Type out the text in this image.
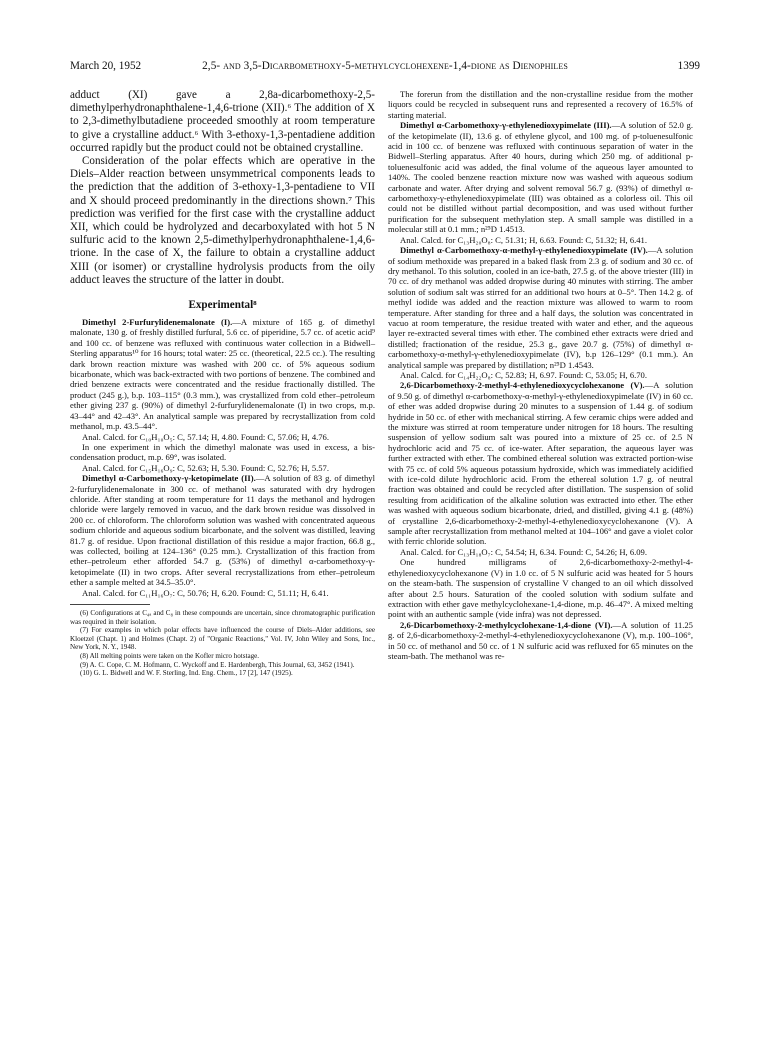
March 20, 1952	2,5- and 3,5-Dicarbomethoxy-5-methylcyclohexene-1,4-dione as Dienophiles	1399

adduct (XI) gave a 2,8a-dicarbomethoxy-2,5-dimethylperhydronaphthalene-1,4,6-trione (XII).⁶ The addition of X to 2,3-dimethylbutadiene proceeded smoothly at room temperature to give a crystalline adduct.⁶ With 3-ethoxy-1,3-pentadiene addition occurred rapidly but the product could not be obtained crystalline.

Consideration of the polar effects which are operative in the Diels–Alder reaction between unsymmetrical components leads to the prediction that the addition of 3-ethoxy-1,3-pentadiene to VII and X should proceed predominantly in the directions shown.⁷ This prediction was verified for the first case with the crystalline adduct XII, which could be hydrolyzed and decarboxylated with hot 5 N sulfuric acid to the known 2,5-dimethylperhydronaphthalene-1,4,6-trione. In the case of X, the failure to obtain a crystalline adduct XIII (or isomer) or crystalline hydrolysis products from the oily adduct leaves the structure of the latter in doubt.

Experimental⁸

Dimethyl 2-Furfurylidenemalonate (I).—A mixture of 165 g. of dimethyl malonate, 130 g. of freshly distilled furfural, 5.6 cc. of piperidine, 5.7 cc. of acetic acid⁹ and 100 cc. of benzene was refluxed with continuous water collection in a Bidwell–Sterling apparatus¹⁰ for 16 hours; total water: 25 cc. (theoretical, 22.5 cc.). The resulting dark brown reaction mixture was washed with 200 cc. of 5% aqueous sodium bicarbonate, which was back-extracted with two portions of benzene. The combined and dried benzene extracts were concentrated and the residue fractionally distilled. The product (245 g.), b.p. 103–115° (0.3 mm.), was crystallized from cold ether–petroleum ether giving 237 g. (90%) of dimethyl 2-furfurylidenemalonate (I) in two crops, m.p. 43–44° and 42–43°. An analytical sample was prepared by recrystallization from cold methanol, m.p. 43.5–44°.

Anal. Calcd. for C₁₀H₁₀O₅: C, 57.14; H, 4.80. Found: C, 57.06; H, 4.76.

In one experiment in which the dimethyl malonate was used in excess, a bis-condensation product, m.p. 69°, was isolated.

Anal. Calcd. for C₁₅H₁₆O₉: C, 52.63; H, 5.30. Found: C, 52.76; H, 5.57.

Dimethyl α-Carbomethoxy-γ-ketopimelate (II).—A solution of 83 g. of dimethyl 2-furfurylidenemalonate in 300 cc. of methanol was saturated with dry hydrogen chloride. After standing at room temperature for 11 days the methanol and hydrogen chloride were largely removed in vacuo, and the dark brown residue was dissolved in 200 cc. of chloroform. The chloroform solution was washed with concentrated aqueous sodium chloride and aqueous sodium bicarbonate, and the solvent was distilled, leaving 81.7 g. of residue. Upon fractional distillation of this residue a major fraction, 66.8 g., was collected, boiling at 124–136° (0.25 mm.). Crystallization of this fraction from ether–petroleum ether afforded 54.7 g. (53%) of dimethyl α-carbomethoxy-γ-ketopimelate (II) in two crops. After several recrystallizations from ether–petroleum ether a sample melted at 34.5–35.0°.

Anal. Calcd. for C₁₁H₁₆O₇: C, 50.76; H, 6.20. Found: C, 51.11; H, 6.41.

(6) Configurations at C₄ₐ and C₈ in these compounds are uncertain, since chromatographic purification was required in their isolation.

(7) For examples in which polar effects have influenced the course of Diels–Alder additions, see Kloetzel (Chapt. 1) and Holmes (Chapt. 2) of "Organic Reactions," Vol. IV, John Wiley and Sons, Inc., New York, N. Y., 1948.

(8) All melting points were taken on the Kofler micro hotstage.

(9) A. C. Cope, C. M. Hofmann, C. Wyckoff and E. Hardenbergh, This Journal, 63, 3452 (1941).

(10) G. L. Bidwell and W. F. Sterling, Ind. Eng. Chem., 17 [2], 147 (1925).

The forerun from the distillation and the non-crystalline residue from the mother liquors could be recycled in subsequent runs and represented a recovery of 16.5% of starting material.

Dimethyl α-Carbomethoxy-γ-ethylenedioxypimelate (III).—A solution of 52.0 g. of the ketopimelate (II), 13.6 g. of ethylene glycol, and 100 mg. of p-toluenesulfonic acid in 100 cc. of benzene was refluxed with continuous separation of water in the Bidwell–Sterling apparatus. After 40 hours, during which 250 mg. of additional p-toluenesulfonic acid was added, the final volume of the aqueous layer amounted to 140%. The cooled benzene reaction mixture now was washed with aqueous sodium carbonate and water. After drying and solvent removal 56.7 g. (93%) of dimethyl α-carbomethoxy-γ-ethylenedioxypimelate (III) was obtained as a colorless oil. This oil could not be distilled without partial decomposition, and was used without further purification for the subsequent methylation step. A small sample was distilled in a molecular still at 0.1 mm.; n²⁵D 1.4513.

Anal. Calcd. for C₁₃H₂₀O₈: C, 51.31; H, 6.63. Found: C, 51.32; H, 6.41.

Dimethyl α-Carbomethoxy-α-methyl-γ-ethylenedioxypimelate (IV).—A solution of sodium methoxide was prepared in a baked flask from 2.3 g. of sodium and 30 cc. of dry methanol. To this solution, cooled in an ice-bath, 27.5 g. of the above triester (III) in 70 cc. of dry methanol was added dropwise during 40 minutes with stirring. The amber solution of sodium salt was stirred for an additional two hours at 0–5°. Then 14.2 g. of methyl iodide was added and the reaction mixture was allowed to warm to room temperature. After standing for three and a half days, the solution was concentrated in vacuo at room temperature, the residue treated with water and ether, and the aqueous layer re-extracted several times with ether. The combined ether extracts were dried and distilled; fractionation of the residue, 25.3 g., gave 20.7 g. (75%) of dimethyl α-carbomethoxy-α-methyl-γ-ethylenedioxypimelate (IV), b.p 126–129° (0.1 mm.). An analytical sample was prepared by distillation; n²⁵D 1.4543.

Anal. Calcd. for C₁₄H₂₂O₈: C, 52.83; H, 6.97. Found: C, 53.05; H, 6.70.

2,6-Dicarbomethoxy-2-methyl-4-ethylenedioxycyclohexanone (V).—A solution of 9.50 g. of dimethyl α-carbomethoxy-α-methyl-γ-ethylenedioxypimelate (IV) in 60 cc. of ether was added dropwise during 20 minutes to a suspension of 1.44 g. of sodium hydride in 50 cc. of ether with mechanical stirring. A few ceramic chips were added and the mixture was stirred at room temperature under nitrogen for 18 hours. The resulting suspension of yellow sodium salt was poured into a mixture of 25 cc. of 2.5 N hydrochloric acid and 75 cc. of ice-water. After separation, the aqueous layer was further extracted with ether. The combined ethereal solution was extracted portion-wise with 75 cc. of cold 5% aqueous potassium hydroxide, which was immediately acidified with ice-cold dilute hydrochloric acid. From the ethereal solution 1.7 g. of neutral fraction was obtained and could be recycled after distillation. The suspension of solid resulting from acidification of the alkaline solution was extracted into ether. The ether was washed with aqueous sodium bicarbonate, dried, and distilled, giving 4.1 g. (48%) of crystalline 2,6-dicarbomethoxy-2-methyl-4-ethylenedioxycyclohexanone (V). A sample after recrystallization from methanol melted at 104–106° and gave a violet color with ferric chloride solution.

Anal. Calcd. for C₁₃H₁₈O₇: C, 54.54; H, 6.34. Found: C, 54.26; H, 6.09.

One hundred milligrams of 2,6-dicarbomethoxy-2-methyl-4-ethylenedioxycyclohexanone (V) in 1.0 cc. of 5 N sulfuric acid was heated for 5 hours on the steam-bath. The suspension of crystalline V changed to an oil which dissolved after about 2.5 hours. Saturation of the cooled solution with sodium sulfate and extraction with ether gave methylcyclohexane-1,4-dione, m.p. 46–47°. A mixed melting point with an authentic sample (vide infra) was not depressed.

2,6-Dicarbomethoxy-2-methylcyclohexane-1,4-dione (VI).—A solution of 11.25 g. of 2,6-dicarbomethoxy-2-methyl-4-ethylenedioxycyclohexanone (V), m.p. 100–106°, in 50 cc. of methanol and 50 cc. of 1 N sulfuric acid was refluxed for 65 minutes on the steam-bath. The methanol was re-
